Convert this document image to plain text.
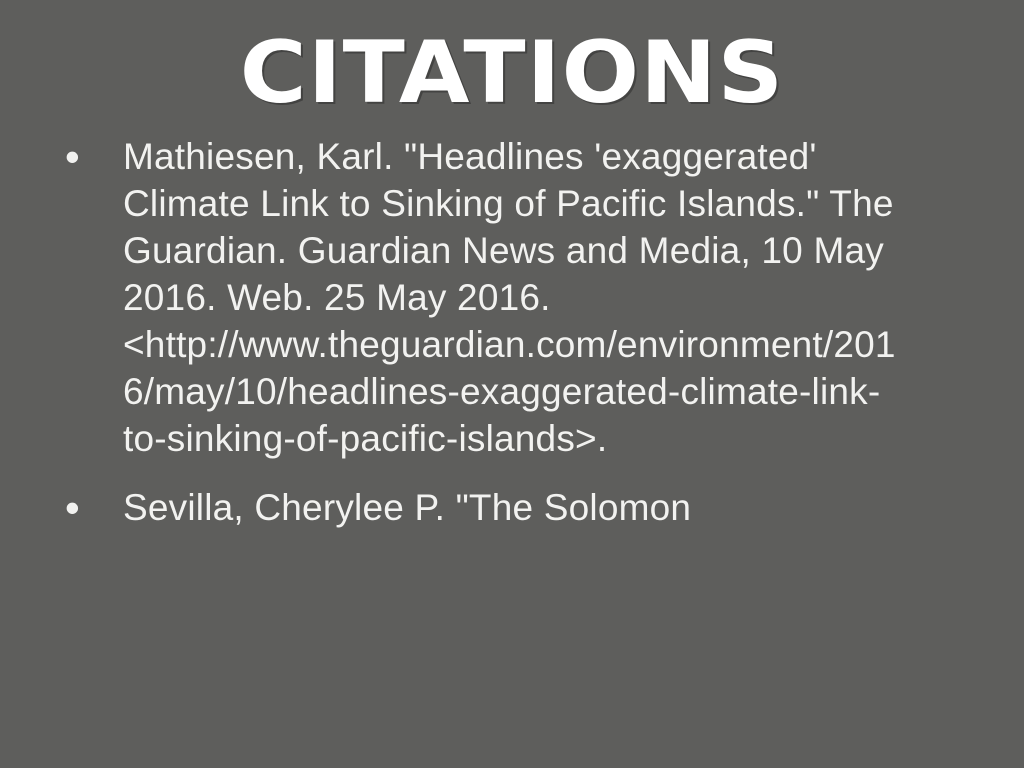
CITATIONS
• Mathiesen, Karl. "Headlines 'exaggerated' Climate Link to Sinking of Pacific Islands." The Guardian. Guardian News and Media, 10 May 2016. Web. 25 May 2016. <http://www.theguardian.com/environment/2016/may/10/headlines-exaggerated-climate-link-to-sinking-of-pacific-islands>.
• Sevilla, Cherylee P. "The Solomon
